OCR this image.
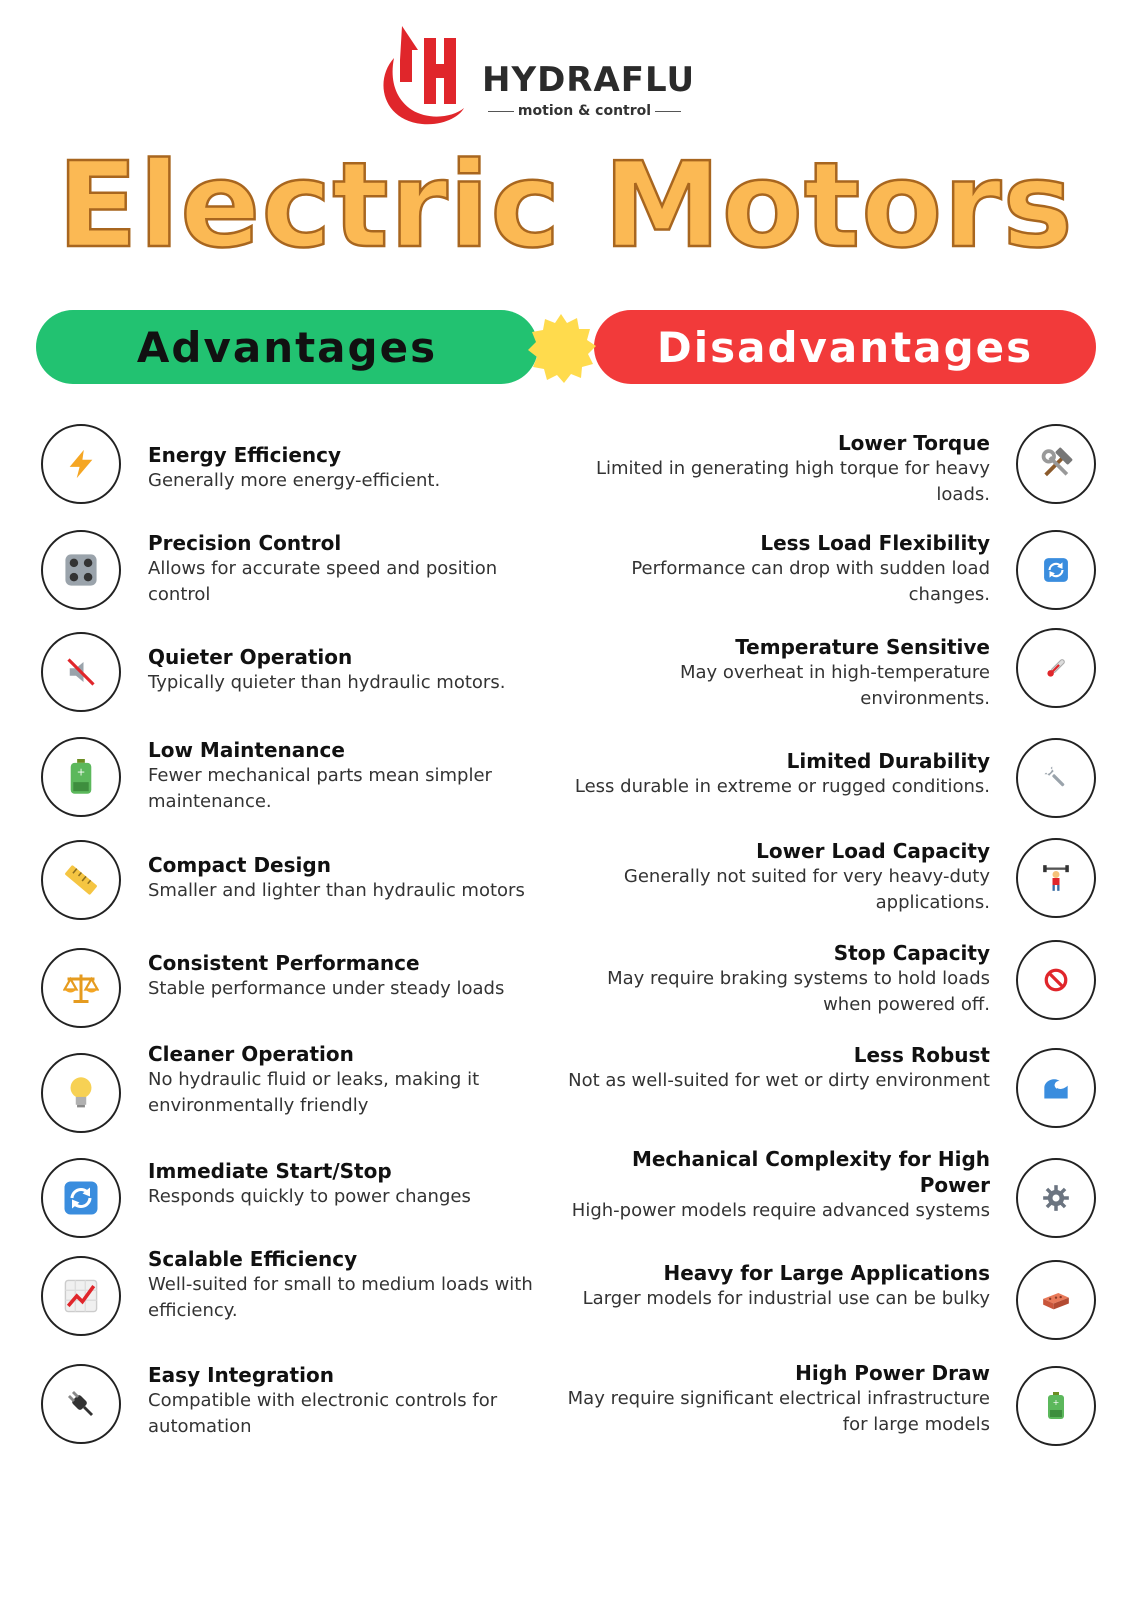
HYDRAFLU
motion & control
Electric Motors
Advantages	Disadvantages
Energy Efficiency
Generally more energy-efficient.
Precision Control
Allows for accurate speed and position control
Quieter Operation
Typically quieter than hydraulic motors.
+
Low Maintenance
Fewer mechanical parts mean simpler maintenance.
Compact Design
Smaller and lighter than hydraulic motors
Consistent Performance
Stable performance under steady loads
Cleaner Operation
No hydraulic fluid or leaks, making it environmentally friendly
Immediate Start/Stop
Responds quickly to power changes
Scalable Efficiency
Well-suited for small to medium loads with efficiency.
Easy Integration
Compatible with electronic controls for automation
Lower Torque
Limited in generating high torque for heavy loads.
Less Load Flexibility
Performance can drop with sudden load changes.
Temperature Sensitive
May overheat in high-temperature environments.
Limited Durability
Less durable in extreme or rugged conditions.
Lower Load Capacity
Generally not suited for very heavy-duty applications.
Stop Capacity
May require braking systems to hold loads when powered off.
Less Robust
Not as well-suited for wet or dirty environment
Mechanical Complexity for High Power
High-power models require advanced systems
Heavy for Large Applications
Larger models for industrial use can be bulky
+
High Power Draw
May require significant electrical infrastructure for large models
